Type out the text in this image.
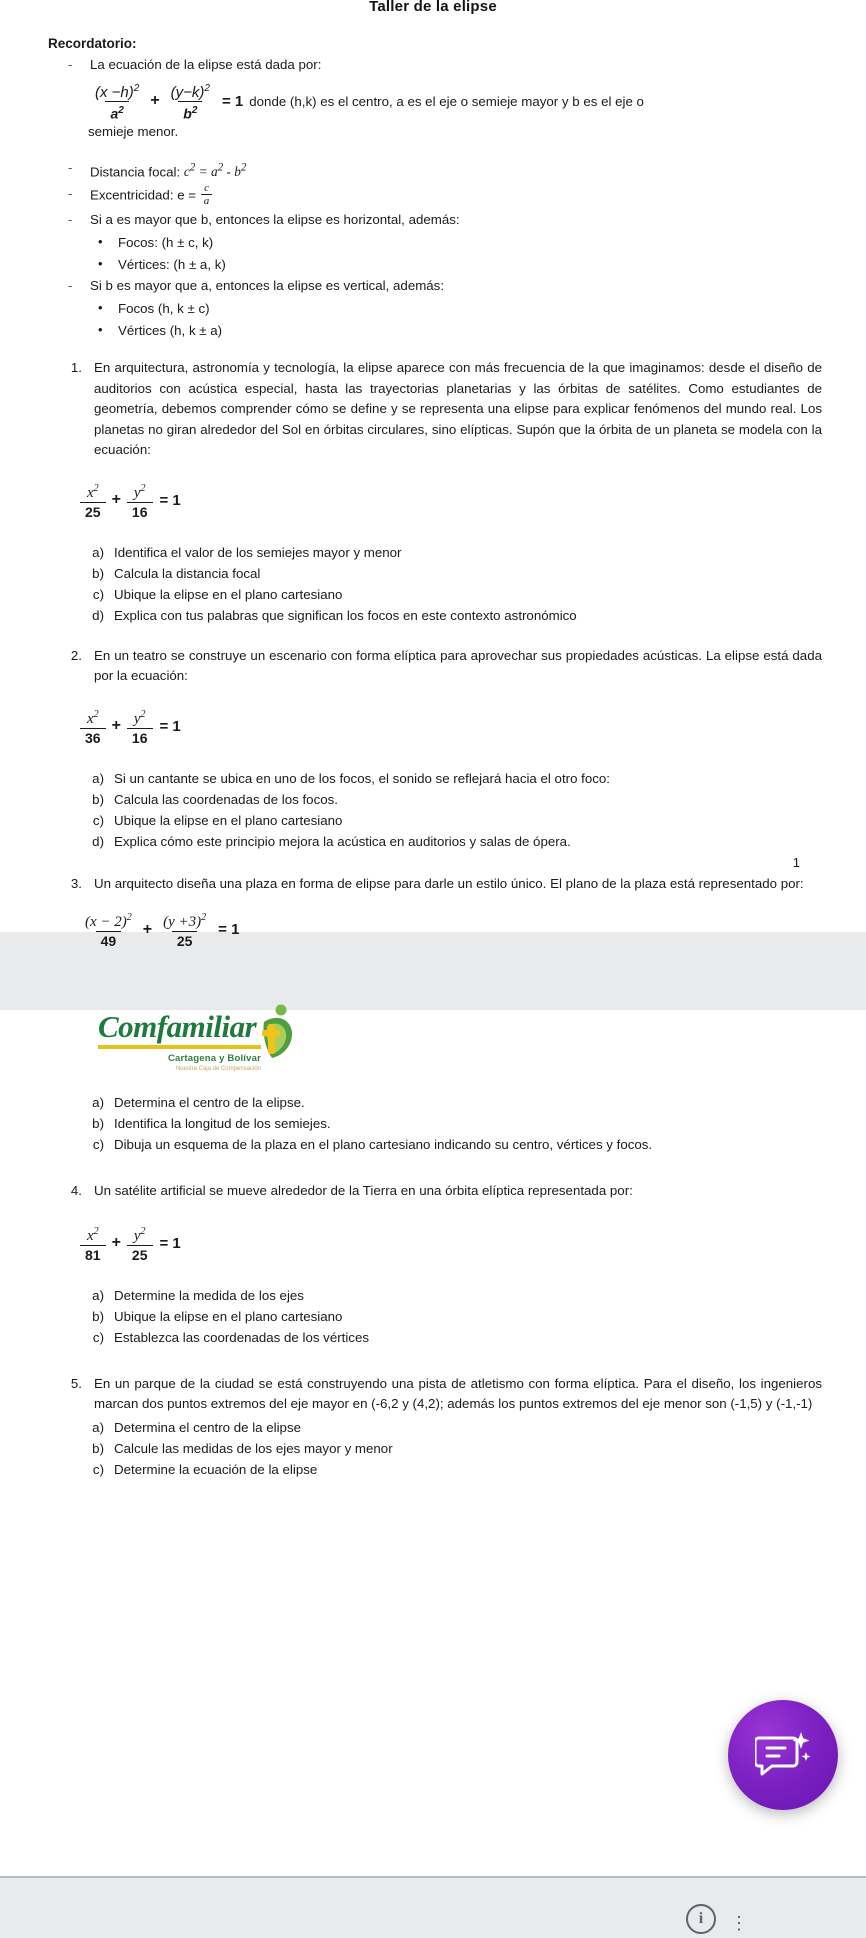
Taller de la elipse
Recordatorio:
- La ecuación de la elipse está dada por:
$\frac{(x -h)^2}{a^2} + \frac{(y-k)^2}{b^2} = 1$ donde (h,k) es el centro, a es el eje o semieje mayor y b es el eje o
semieje menor.
- Distancia focal: $c^2 = a^2 - b^2$
- Excentricidad: $e = \frac{c}{a}$
- Si a es mayor que b, entonces la elipse es horizontal, además:
• Focos: (h ± c, k)
• Vértices: (h ± a, k)
- Si b es mayor que a, entonces la elipse es vertical, además:
• Focos (h, k ± c)
• Vértices (h, k ± a)
1. En arquitectura, astronomía y tecnología, la elipse aparece con más frecuencia de la que imaginamos: desde el diseño de auditorios con acústica especial, hasta las trayectorias planetarias y las órbitas de satélites. Como estudiantes de geometría, debemos comprender cómo se define y se representa una elipse para explicar fenómenos del mundo real. Los planetas no giran alrededor del Sol en órbitas circulares, sino elípticas. Supón que la órbita de un planeta se modela con la ecuación:
$\frac{x^2}{25} + \frac{y^2}{16} = 1$
a) Identifica el valor de los semiejes mayor y menor
b) Calcula la distancia focal
c) Ubique la elipse en el plano cartesiano
d) Explica con tus palabras que significan los focos en este contexto astronómico
2. En un teatro se construye un escenario con forma elíptica para aprovechar sus propiedades acústicas. La elipse está dada por la ecuación:
$\frac{x^2}{36} + \frac{y^2}{16} = 1$
a) Si un cantante se ubica en uno de los focos, el sonido se reflejará hacia el otro foco:
b) Calcula las coordenadas de los focos.
c) Ubique la elipse en el plano cartesiano
d) Explica cómo este principio mejora la acústica en auditorios y salas de ópera.
3. Un arquitecto diseña una plaza en forma de elipse para darle un estilo único. El plano de la plaza está representado por:
1
$\frac{(x - 2)^2}{49} + \frac{(y +3)^2}{25} = 1$
Comfamiliar
Cartagena y Bolívar
Nuestra Caja de Compensación
a) Determina el centro de la elipse.
b) Identifica la longitud de los semiejes.
c) Dibuja un esquema de la plaza en el plano cartesiano indicando su centro, vértices y focos.
4. Un satélite artificial se mueve alrededor de la Tierra en una órbita elíptica representada por:
$\frac{x^2}{81} + \frac{y^2}{25} = 1$
a) Determine la medida de los ejes
b) Ubique la elipse en el plano cartesiano
c) Establezca las coordenadas de los vértices
5. En un parque de la ciudad se está construyendo una pista de atletismo con forma elíptica. Para el diseño, los ingenieros marcan dos puntos extremos del eje mayor en (-6,2 y (4,2); además los puntos extremos del eje menor son (-1,5) y (-1,-1)
a) Determina el centro de la elipse
b) Calcule las medidas de los ejes mayor y menor
c) Determine la ecuación de la elipse
i	⋮
